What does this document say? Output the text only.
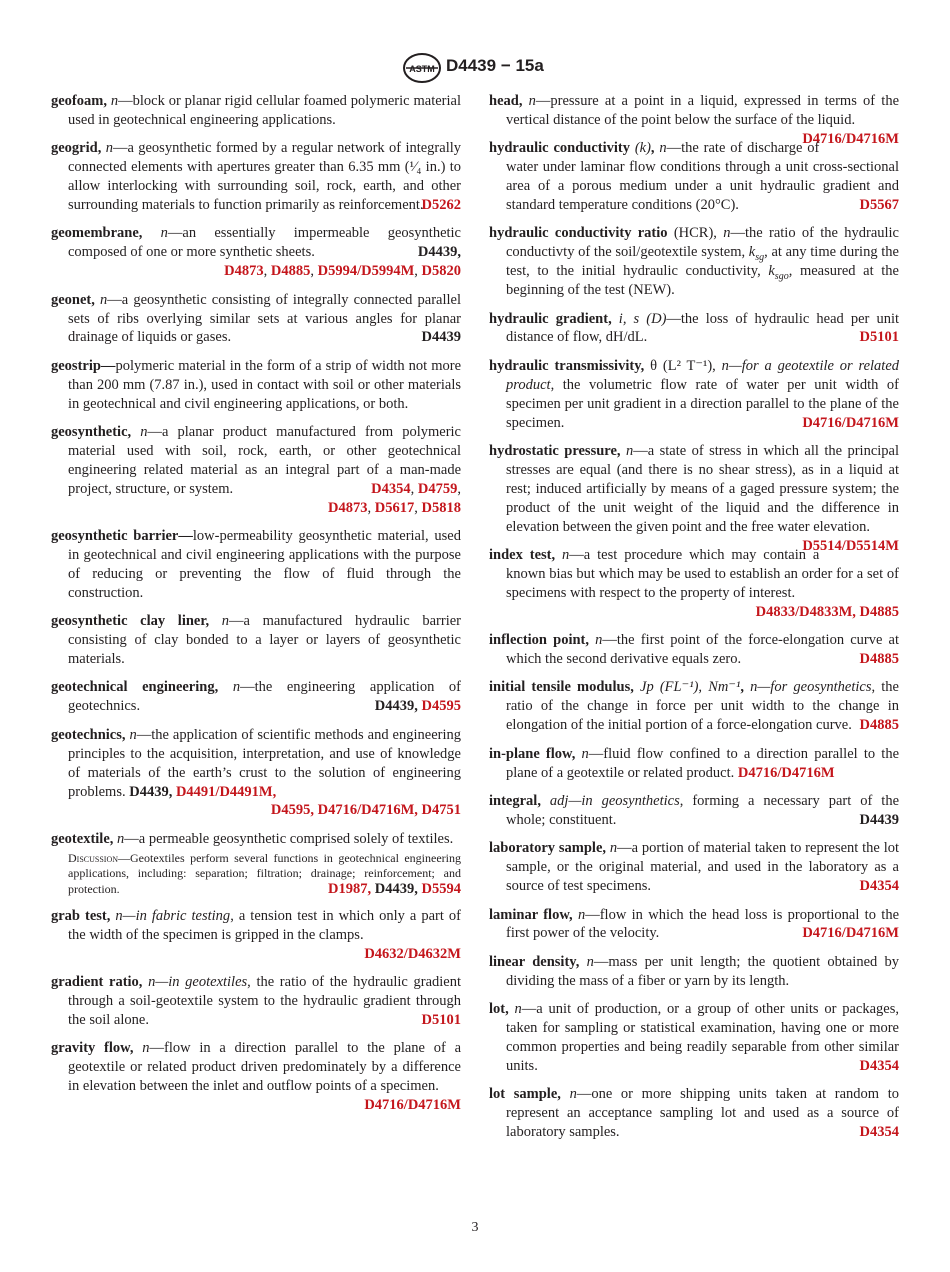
ASTM D4439 − 15a
geofoam, n—block or planar rigid cellular foamed polymeric material used in geotechnical engineering applications.
geogrid, n—a geosynthetic formed by a regular network of integrally connected elements with apertures greater than 6.35 mm (¹⁄₄ in.) to allow interlocking with surrounding soil, rock, earth, and other surrounding materials to function primarily as reinforcement.
D5262
geomembrane, n—an essentially impermeable geosynthetic composed of one or more synthetic sheets.	D4439,
D4873, D4885, D5994/D5994M, D5820
geonet, n—a geosynthetic consisting of integrally connected parallel sets of ribs overlying similar sets at various angles for planar drainage of liquids or gases.	D4439
geostrip—polymeric material in the form of a strip of width not more than 200 mm (7.87 in.), used in contact with soil or other materials in geotechnical and civil engineering applications, or both.
geosynthetic, n—a planar product manufactured from polymeric material used with soil, rock, earth, or other geotechnical engineering related material as an integral part of a man-made project, structure, or system.	D4354, D4759,
D4873, D5617, D5818
geosynthetic barrier—low-permeability geosynthetic material, used in geotechnical and civil engineering applications with the purpose of reducing or preventing the flow of fluid through the construction.
geosynthetic clay liner, n—a manufactured hydraulic barrier consisting of clay bonded to a layer or layers of geosynthetic materials.
geotechnical engineering, n—the engineering application of geotechnics.	D4439, D4595
geotechnics, n—the application of scientific methods and engineering principles to the acquisition, interpretation, and use of knowledge of materials of the earth’s crust to the solution of engineering problems. D4439, D4491/D4491M,
D4595, D4716/D4716M, D4751
geotextile, n—a permeable geosynthetic comprised solely of textiles.
Discussion—Geotextiles perform several functions in geotechnical engineering applications, including: separation; filtration; drainage; reinforcement; and protection.	D1987, D4439, D5594
grab test, n—in fabric testing, a tension test in which only a part of the width of the specimen is gripped in the clamps.
D4632/D4632M
gradient ratio, n—in geotextiles, the ratio of the hydraulic gradient through a soil-geotextile system to the hydraulic gradient through the soil alone.	D5101
gravity flow, n—flow in a direction parallel to the plane of a geotextile or related product driven predominately by a difference in elevation between the inlet and outflow points of a specimen.
D4716/D4716M
head, n—pressure at a point in a liquid, expressed in terms of the vertical distance of the point below the surface of the liquid.
D4716/D4716M
hydraulic conductivity (k), n—the rate of discharge of water under laminar flow conditions through a unit cross-sectional area of a porous medium under a unit hydraulic gradient and standard temperature conditions (20°C).	D5567
hydraulic conductivity ratio (HCR), n—the ratio of the hydraulic conductivty of the soil/geotextile system, $k_{sg}$, at any time during the test, to the initial hydraulic conductivity, $k_{sgo}$, measured at the beginning of the test (NEW).
hydraulic gradient, i, s (D)—the loss of hydraulic head per unit distance of flow, dH/dL.	D5101
hydraulic transmissivity, θ (L² T⁻¹), n—for a geotextile or related product, the volumetric flow rate of water per unit width of specimen per unit gradient in a direction parallel to the plane of the specimen.	D4716/D4716M
hydrostatic pressure, n—a state of stress in which all the principal stresses are equal (and there is no shear stress), as in a liquid at rest; induced artificially by means of a gaged pressure system; the product of the unit weight of the liquid and the difference in elevation between the given point and the free water elevation.
D5514/D5514M
index test, n—a test procedure which may contain a known bias but which may be used to establish an order for a set of specimens with respect to the property of interest.
D4833/D4833M, D4885
inflection point, n—the first point of the force-elongation curve at which the second derivative equals zero.	D4885
initial tensile modulus, Jp (FL⁻¹), Nm⁻¹, n—for geosynthetics, the ratio of the change in force per unit width to the change in elongation of the initial portion of a force-elongation curve. D4885
in-plane flow, n—fluid flow confined to a direction parallel to the plane of a geotextile or related product. D4716/D4716M
integral, adj—in geosynthetics, forming a necessary part of the whole; constituent.	D4439
laboratory sample, n—a portion of material taken to represent the lot sample, or the original material, and used in the laboratory as a source of test specimens.	D4354
laminar flow, n—flow in which the head loss is proportional to the first power of the velocity.	D4716/D4716M
linear density, n—mass per unit length; the quotient obtained by dividing the mass of a fiber or yarn by its length.
lot, n—a unit of production, or a group of other units or packages, taken for sampling or statistical examination, having one or more common properties and being readily separable from other similar units.	D4354
lot sample, n—one or more shipping units taken at random to represent an acceptance sampling lot and used as a source of laboratory samples.	D4354
3
